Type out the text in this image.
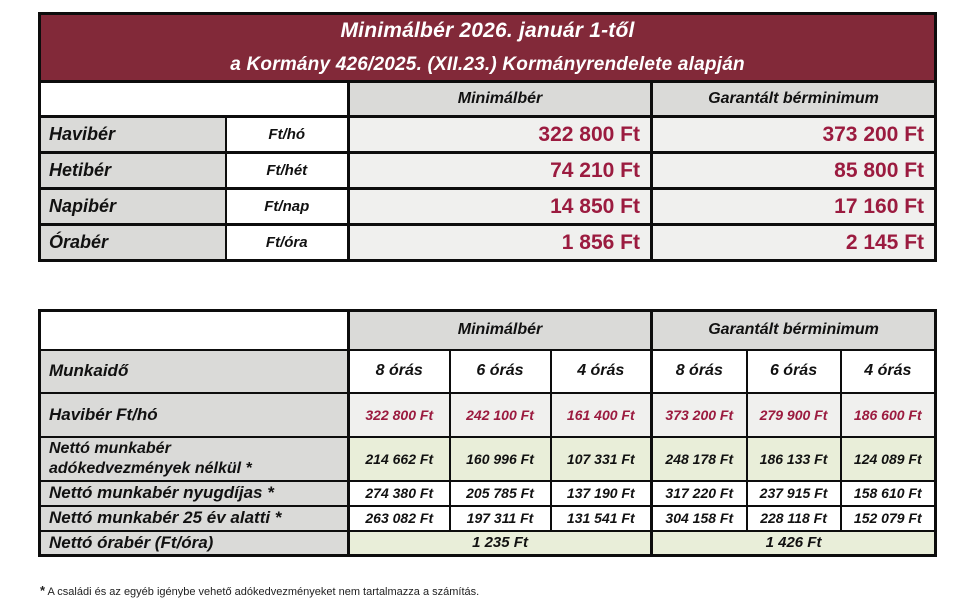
Minimálbér 2026. január 1-től
a Kormány 426/2025. (XII.23.) Kormányrendelete alapján			

		Minimálbér	Garantált bérminimum
Havibér	Ft/hó	322 800 Ft	373 200 Ft
Hetibér	Ft/hét	74 210 Ft	85 800 Ft
Napibér	Ft/nap	14 850 Ft	17 160 Ft
Órabér	Ft/óra	1 856 Ft	2 145 Ft
	Minimálbér			Garantált bérminimum		
Munkaidő	8 órás	6 órás	4 órás	8 órás	6 órás	4 órás
Havibér Ft/hó	322 800 Ft	242 100 Ft	161 400 Ft	373 200 Ft	279 900 Ft	186 600 Ft

Nettó munkabér
adókedvezmények nélkül *	214 662 Ft	160 996 Ft	107 331 Ft	248 178 Ft	186 133 Ft	124 089 Ft
Nettó munkabér nyugdíjas *	274 380 Ft	205 785 Ft	137 190 Ft	317 220 Ft	237 915 Ft	158 610 Ft
Nettó munkabér 25 év alatti *	263 082 Ft	197 311 Ft	131 541 Ft	304 158 Ft	228 118 Ft	152 079 Ft
Nettó órabér (Ft/óra)	1 235 Ft			1 426 Ft		
* A családi és az egyéb igénybe vehető adókedvezményeket nem tartalmazza a számítás.
